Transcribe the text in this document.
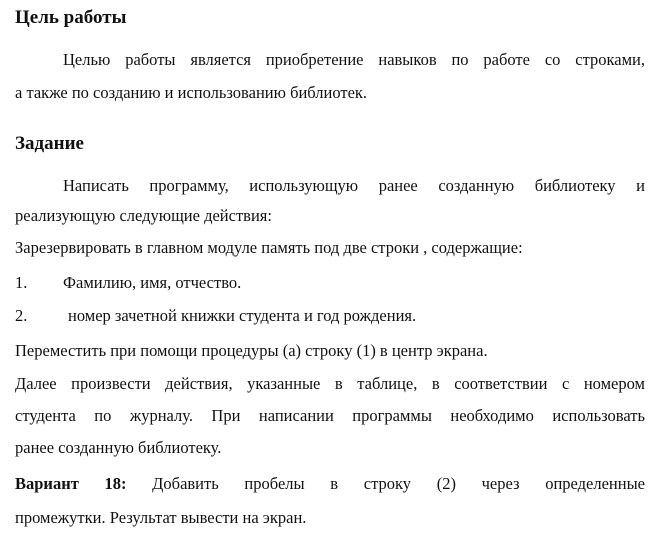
Цель работы
Целью работы является приобретение навыков по работе со строками,
а также по созданию и использованию библиотек.
Задание
Написать программу, использующую ранее созданную библиотеку и
реализующую следующие действия:
Зарезервировать в главном модуле память под две строки , содержащие:
1. Фамилию, имя, отчество.
2. номер зачетной книжки студента и год рождения.
Переместить при помощи процедуры (а) строку (1) в центр экрана.
Далее произвести действия, указанные в таблице, в соответствии с номером
студента по журналу. При написании программы необходимо использовать
ранее созданную библиотеку.
Вариант 18: Добавить пробелы в строку (2) через определенные
промежутки. Результат вывести на экран.
